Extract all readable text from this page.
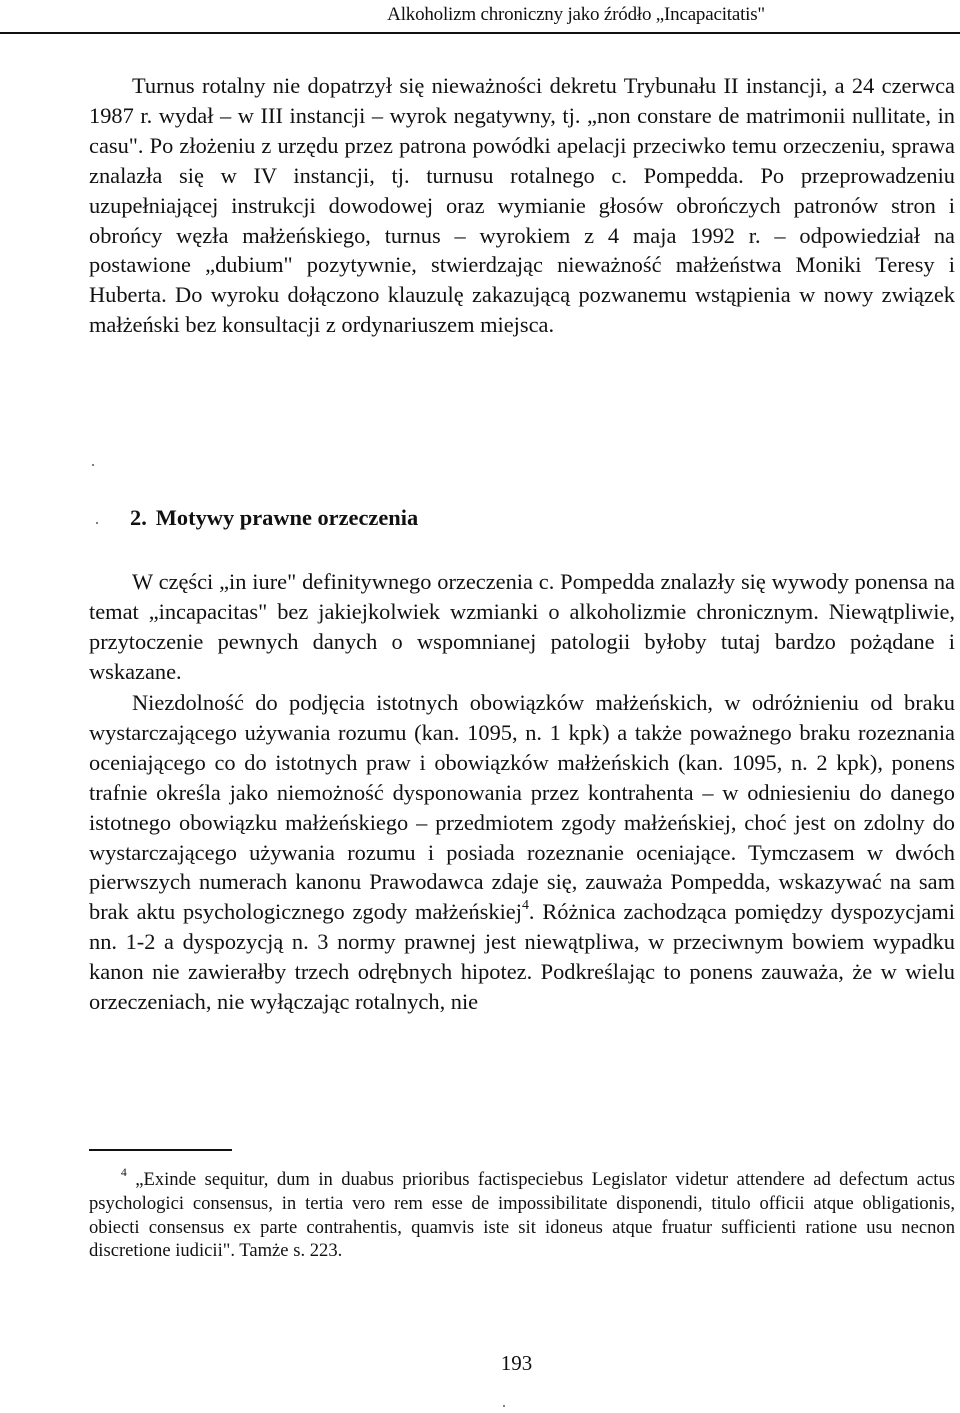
Alkoholizm chroniczny jako źródło „Incapacitatis"

Turnus rotalny nie dopatrzył się nieważności dekretu Trybunału II instancji, a 24 czerwca 1987 r. wydał – w III instancji – wyrok negatywny, tj. „non constare de matrimonii nullitate, in casu". Po złożeniu z urzędu przez patrona powódki apelacji przeciwko temu orzeczeniu, sprawa znalazła się w IV instancji, tj. turnusu rotalnego c. Pompedda. Po przeprowadzeniu uzupełniającej instrukcji dowodowej oraz wymianie głosów obrończych patronów stron i obrońcy węzła małżeńskiego, turnus – wyrokiem z 4 maja 1992 r. – odpowiedział na postawione „dubium" pozytywnie, stwierdzając nieważność małżeństwa Moniki Teresy i Huberta. Do wyroku dołączono klauzulę zakazującą pozwanemu wstąpienia w nowy związek małżeński bez konsultacji z ordynariuszem miejsca.

2. Motywy prawne orzeczenia

W części „in iure" definitywnego orzeczenia c. Pompedda znalazły się wywody ponensa na temat „incapacitas" bez jakiejkolwiek wzmianki o alkoholizmie chronicznym. Niewątpliwie, przytoczenie pewnych danych o wspomnianej patologii byłoby tutaj bardzo pożądane i wskazane.

Niezdolność do podjęcia istotnych obowiązków małżeńskich, w odróżnieniu od braku wystarczającego używania rozumu (kan. 1095, n. 1 kpk) a także poważnego braku rozeznania oceniającego co do istotnych praw i obowiązków małżeńskich (kan. 1095, n. 2 kpk), ponens trafnie określa jako niemożność dysponowania przez kontrahenta – w odniesieniu do danego istotnego obowiązku małżeńskiego – przedmiotem zgody małżeńskiej, choć jest on zdolny do wystarczającego używania rozumu i posiada rozeznanie oceniające. Tymczasem w dwóch pierwszych numerach kanonu Prawodawca zdaje się, zauważa Pompedda, wskazywać na sam brak aktu psychologicznego zgody małżeńskiej$^4$. Różnica zachodząca pomiędzy dyspozycjami nn. 1-2 a dyspozycją n. 3 normy prawnej jest niewątpliwa, w przeciwnym bowiem wypadku kanon nie zawierałby trzech odrębnych hipotez. Podkreślając to ponens zauważa, że w wielu orzeczeniach, nie wyłączając rotalnych, nie

$^4$ „Exinde sequitur, dum in duabus prioribus factispeciebus Legislator videtur attendere ad defectum actus psychologici consensus, in tertia vero rem esse de impossibilitate disponendi, titulo officii atque obligationis, obiecti consensus ex parte contrahentis, quamvis iste sit idoneus atque fruatur sufficienti ratione usu necnon discretione iudicii". Tamże s. 223.
193
